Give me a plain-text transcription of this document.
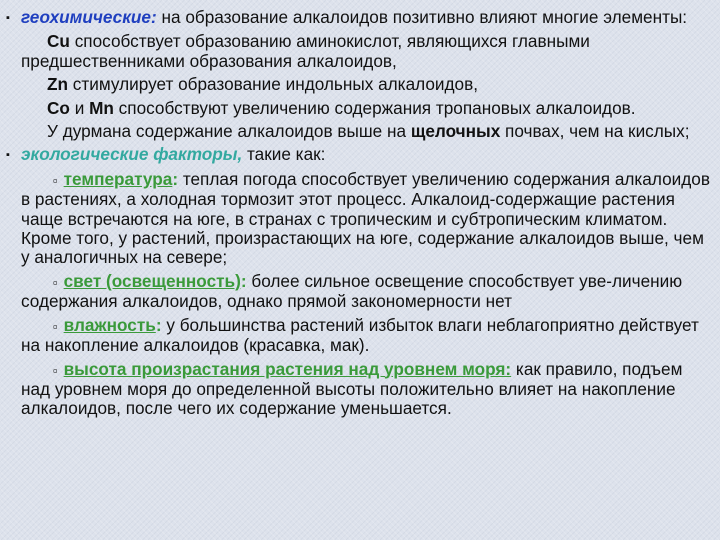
▪ геохимические: на образование алкалоидов позитивно влияют многие элементы:

Cu способствует образованию аминокислот, являющихся главными предшественниками образования алкалоидов,

Zn стимулирует образование индольных алкалоидов,

Co и Mn способствуют увеличению содержания тропановых алкалоидов.

У дурмана содержание алкалоидов выше на щелочных почвах, чем на кислых;

▪ экологические факторы, такие как:

▫ температура: теплая погода способствует увеличению содержания алкалоидов в растениях, а холодная тормозит этот процесс. Алкалоид-содержащие растения чаще встречаются на юге, в странах с тропическим и субтропическим климатом. Кроме того, у растений, произрастающих на юге, содержание алкалоидов выше, чем у аналогичных на севере;

▫ свет (освещенность): более сильное освещение способствует уве-личению содержания алкалоидов, однако прямой закономерности нет

▫ влажность: у большинства растений избыток влаги неблагоприятно действует на накопление алкалоидов (красавка, мак).

▫ высота произрастания растения над уровнем моря: как правило, подъем над уровнем моря до определенной высоты положительно влияет на накопление алкалоидов, после чего их содержание уменьшается.
